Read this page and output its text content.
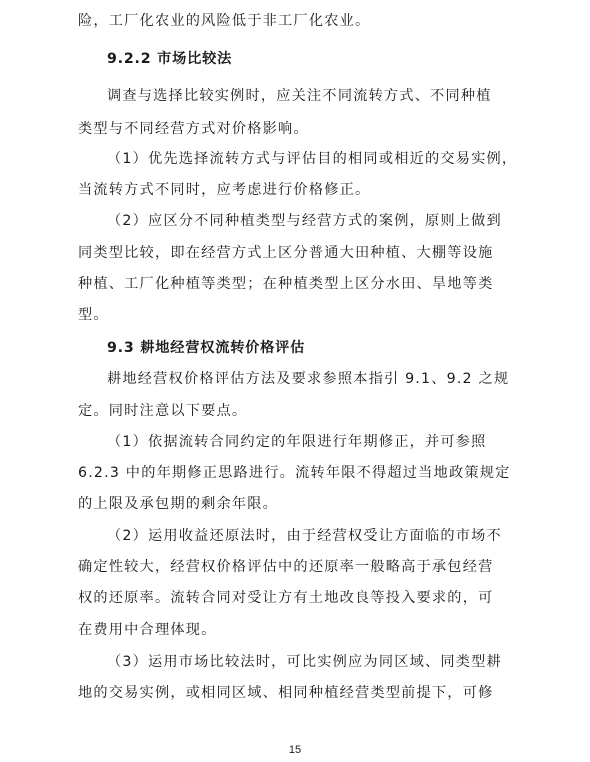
险，工厂化农业的风险低于非工厂化农业。
9.2.2 市场比较法
调查与选择比较实例时，应关注不同流转方式、不同种植
类型与不同经营方式对价格影响。
（1）优先选择流转方式与评估目的相同或相近的交易实例，
当流转方式不同时，应考虑进行价格修正。
（2）应区分不同种植类型与经营方式的案例，原则上做到
同类型比较，即在经营方式上区分普通大田种植、大棚等设施
种植、工厂化种植等类型；在种植类型上区分水田、旱地等类
型。
9.3 耕地经营权流转价格评估
耕地经营权价格评估方法及要求参照本指引 9.1、9.2 之规
定。同时注意以下要点。
（1）依据流转合同约定的年限进行年期修正，并可参照
6.2.3 中的年期修正思路进行。流转年限不得超过当地政策规定
的上限及承包期的剩余年限。
（2）运用收益还原法时，由于经营权受让方面临的市场不
确定性较大，经营权价格评估中的还原率一般略高于承包经营
权的还原率。流转合同对受让方有土地改良等投入要求的，可
在费用中合理体现。
（3）运用市场比较法时，可比实例应为同区域、同类型耕
地的交易实例，或相同区域、相同种植经营类型前提下，可修
15
